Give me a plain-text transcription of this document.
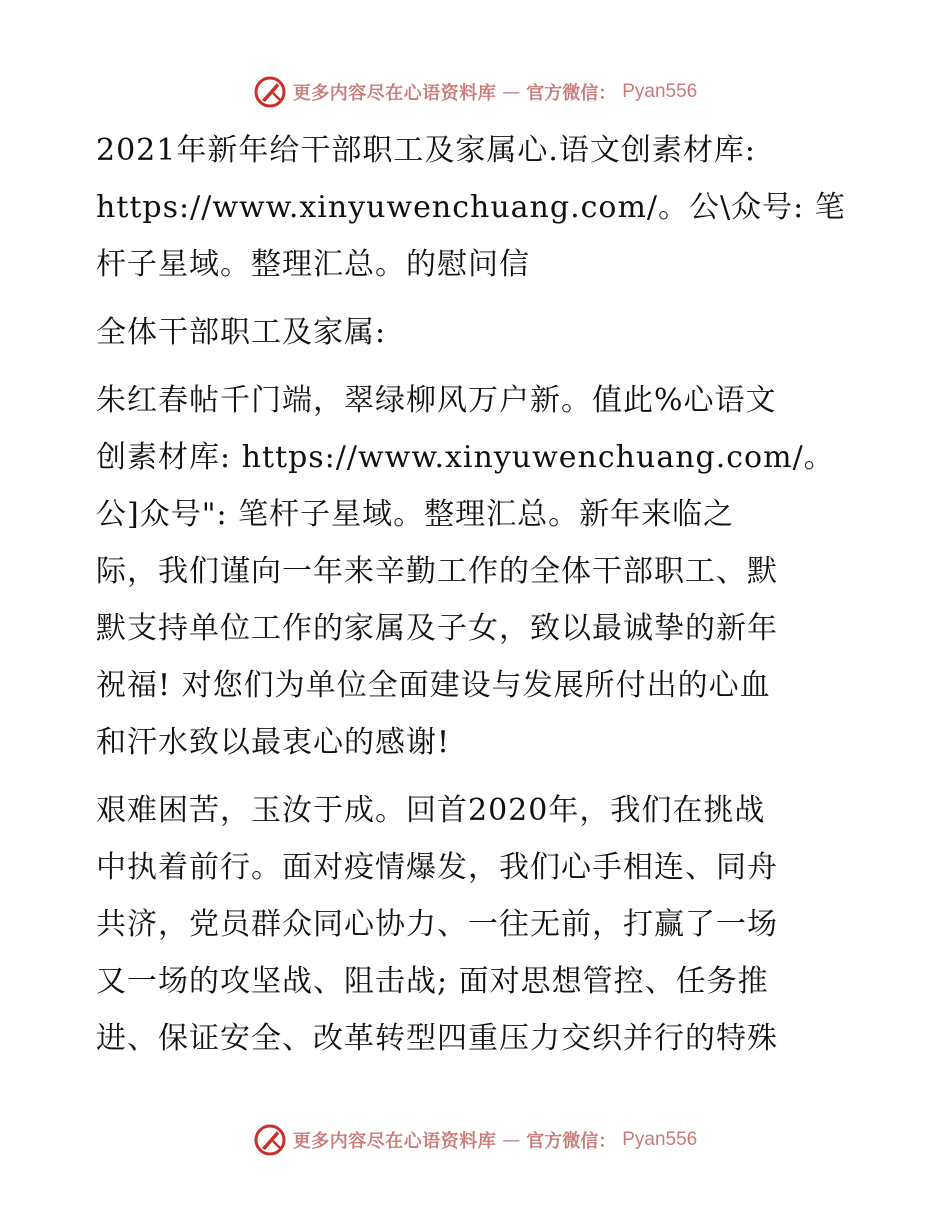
更多内容尽在心语资料库 — 官方微信： Pyan556
2021年新年给干部职工及家属心.语文创素材库:
https://www.xinyuwenchuang.com/。公\众号: 笔
杆子星域。整理汇总。的慰问信
全体干部职工及家属:
朱红春帖千门端，翠绿柳风万户新。值此%心语文
创素材库: https://www.xinyuwenchuang.com/。
公]众号": 笔杆子星域。整理汇总。新年来临之
际，我们谨向一年来辛勤工作的全体干部职工、默
默支持单位工作的家属及子女，致以最诚挚的新年
祝福! 对您们为单位全面建设与发展所付出的心血
和汗水致以最衷心的感谢!
艰难困苦，玉汝于成。回首2020年，我们在挑战
中执着前行。面对疫情爆发，我们心手相连、同舟
共济，党员群众同心协力、一往无前，打赢了一场
又一场的攻坚战、阻击战; 面对思想管控、任务推
进、保证安全、改革转型四重压力交织并行的特殊
更多内容尽在心语资料库 — 官方微信： Pyan556
